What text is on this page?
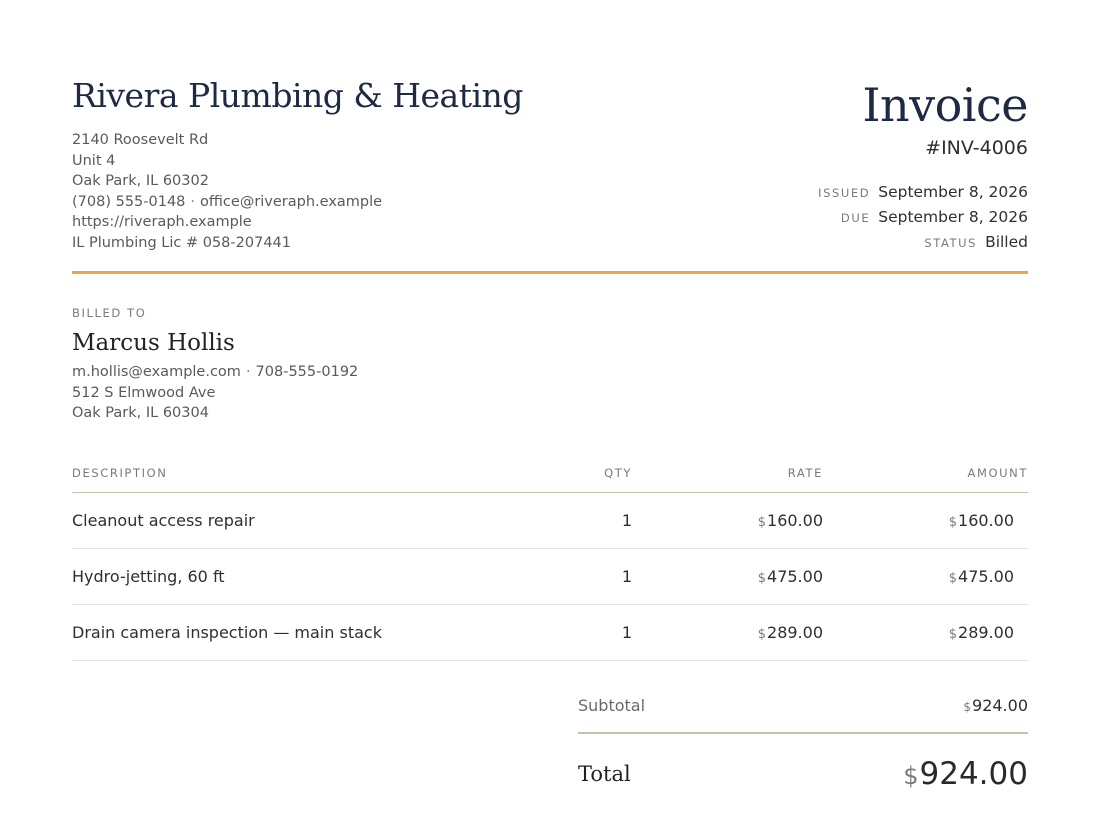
Rivera Plumbing & Heating
2140 Roosevelt Rd
Unit 4
Oak Park, IL 60302
(708) 555-0148 · office@riveraph.example
https://riveraph.example
IL Plumbing Lic # 058-207441
Invoice
#INV-4006
ISSUED September 8, 2026
DUE September 8, 2026
STATUS Billed
BILLED TO
Marcus Hollis
m.hollis@example.com · 708-555-0192
512 S Elmwood Ave
Oak Park, IL 60304
DESCRIPTION	QTY	RATE	AMOUNT
Cleanout access repair	1	$160.00	$160.00
Hydro-jetting, 60 ft	1	$475.00	$475.00
Drain camera inspection — main stack	1	$289.00	$289.00
Subtotal	$924.00
Total	$924.00
